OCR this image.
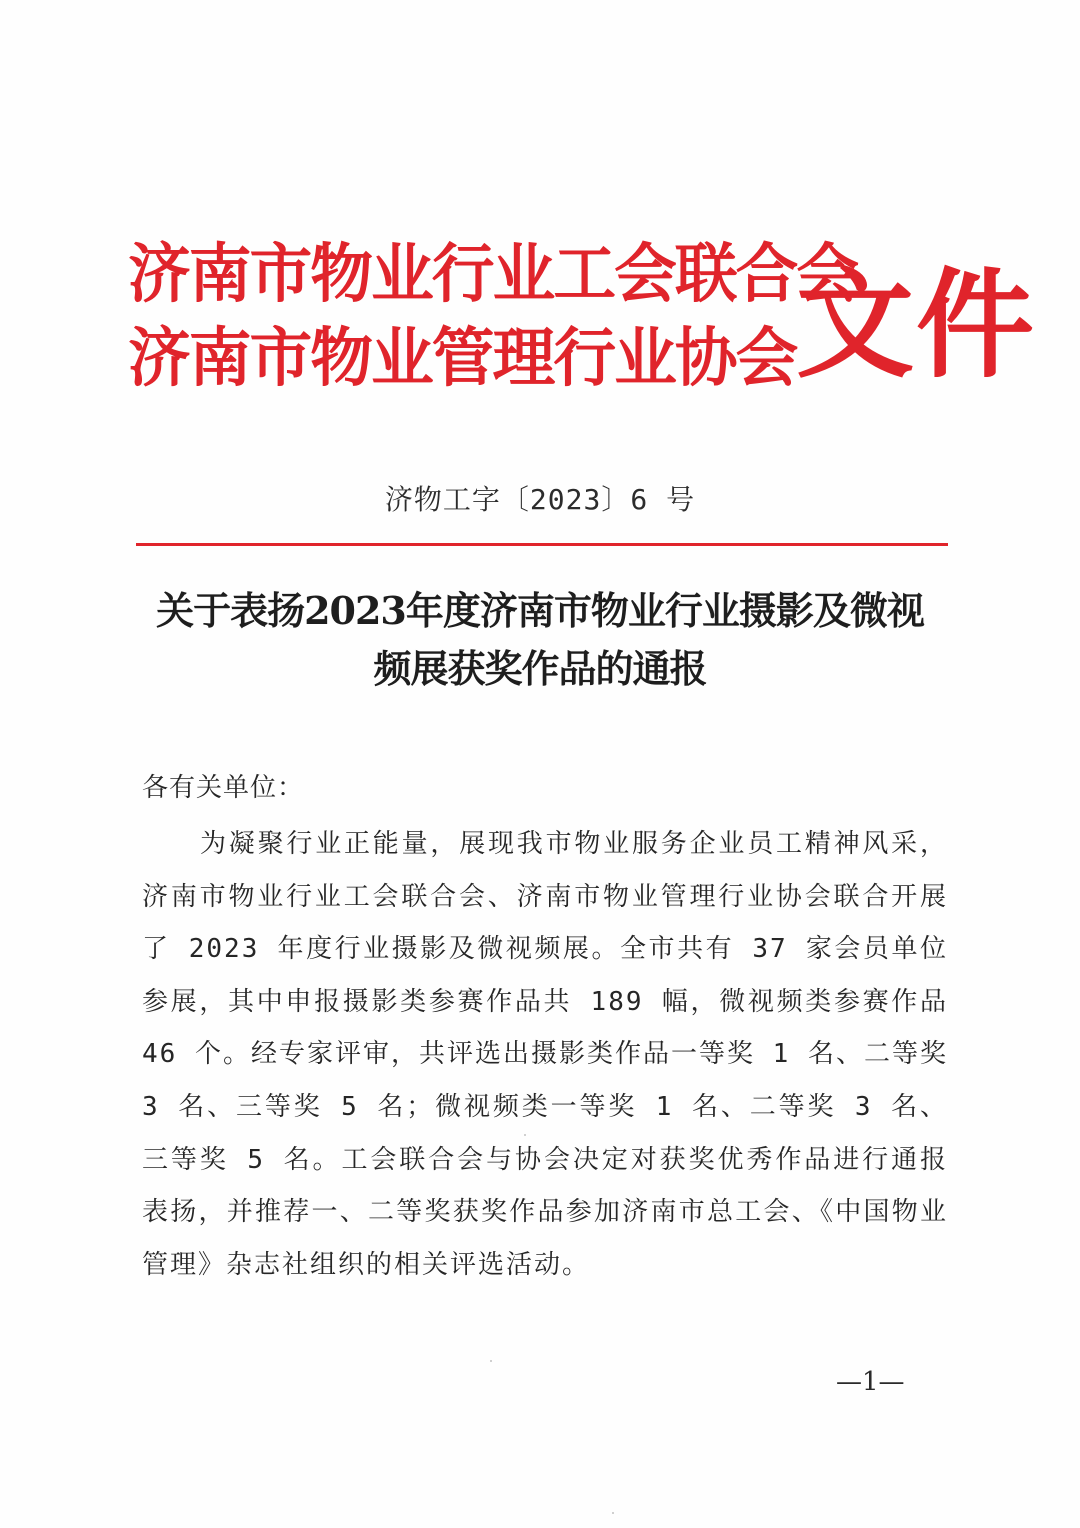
济南市物业行业工会联合会
济南市物业管理行业协会 文件
济物工字〔2023〕6 号
关于表扬2023年度济南市物业行业摄影及微视
频展获奖作品的通报
各有关单位：
为凝聚行业正能量，展现我市物业服务企业员工精神风采，济南市物业行业工会联合会、济南市物业管理行业协会联合开展了 2023 年度行业摄影及微视频展。全市共有 37 家会员单位参展，其中申报摄影类参赛作品共 189 幅，微视频类参赛作品 46 个。经专家评审，共评选出摄影类作品一等奖 1 名、二等奖 3 名、三等奖 5 名；微视频类一等奖 1 名、二等奖 3 名、三等奖 5 名。工会联合会与协会决定对获奖优秀作品进行通报表扬，并推荐一、二等奖获奖作品参加济南市总工会、《中国物业管理》杂志社组织的相关评选活动。
—1—
